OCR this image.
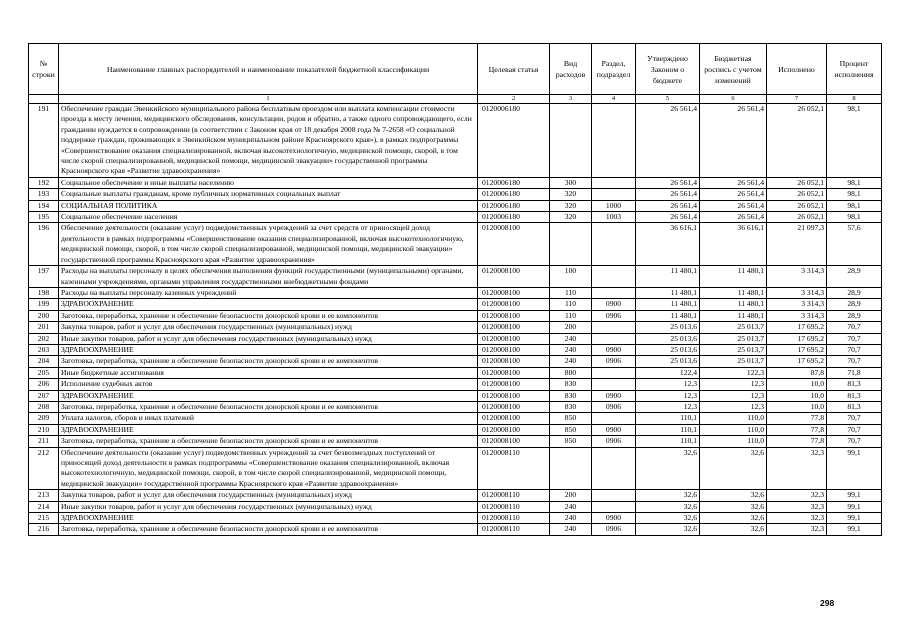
№ строки	Наименование главных распорядителей и наименование показателей бюджетной классификации	Целевая статья	Вид расходов	Раздел, подраздел	Утверждено Законом о бюджете	Бюджетная роспись с учетом изменений	Исполнено	Процент исполнения
	1	2	3	4	5	6	7	8
191	Обеспечение граждан Эвенкийского муниципального района бесплатным проездом или выплата компенсации стоимости проезда к месту лечения, медицинского обследования, консультации, родов и обратно, а также одного сопровождающего, если гражданин нуждается в сопровождении (в соответствии с Законом края от 18 декабря 2008 года № 7-2658 «О социальной поддержке граждан, проживающих в Эвенкийском муниципальном районе Красноярского края»), в рамках подпрограммы «Совершенствование оказания специализированной, включая высокотехнологичную, медицинской помощи, скорой, в том числе скорой специализированной, медицинской помощи, медицинской эвакуации» государственной программы Красноярского края «Развитие здравоохранения»	0120006180			26 561,4	26 561,4	26 052,1	98,1
192	Социальное обеспечение и иные выплаты населению	0120006180	300		26 561,4	26 561,4	26 052,1	98,1
193	Социальные выплаты гражданам, кроме публичных нормативных социальных выплат	0120006180	320		26 561,4	26 561,4	26 052,1	98,1
194	СОЦИАЛЬНАЯ ПОЛИТИКА	0120006180	320	1000	26 561,4	26 561,4	26 052,1	98,1
195	Социальное обеспечение населения	0120006180	320	1003	26 561,4	26 561,4	26 052,1	98,1
196	Обеспечение деятельности (оказание услуг) подведомственных учреждений за счет средств от приносящей доход деятельности в рамках подпрограммы «Совершенствование оказания специализированной, включая высокотехнологичную, медицинской помощи, скорой, в том числе скорой специализированной, медицинской помощи, медицинской эвакуации» государственной программы Красноярского края «Развитие здравоохранения»	0120008100			36 616,1	36 616,1	21 097,3	57,6
197	Расходы на выплаты персоналу в целях обеспечения выполнения функций государственными (муниципальными) органами, казенными учреждениями, органами управления государственными внебюджетными фондами	0120008100	100		11 480,1	11 480,1	3 314,3	28,9
198	Расходы на выплаты персоналу казенных учреждений	0120008100	110		11 480,1	11 480,1	3 314,3	28,9
199	ЗДРАВООХРАНЕНИЕ	0120008100	110	0900	11 480,1	11 480,1	3 314,3	28,9
200	Заготовка, переработка, хранение и обеспечение безопасности донорской крови и ее компонентов	0120008100	110	0906	11 480,1	11 480,1	3 314,3	28,9
201	Закупка товаров, работ и услуг для обеспечения государственных (муниципальных) нужд	0120008100	200		25 013,6	25 013,7	17 695,2	70,7
202	Иные закупки товаров, работ и услуг для обеспечения государственных (муниципальных) нужд	0120008100	240		25 013,6	25 013,7	17 695,2	70,7
203	ЗДРАВООХРАНЕНИЕ	0120008100	240	0900	25 013,6	25 013,7	17 695,2	70,7
204	Заготовка, переработка, хранение и обеспечение безопасности донорской крови и ее компонентов	0120008100	240	0906	25 013,6	25 013,7	17 695,2	70,7
205	Иные бюджетные ассигнования	0120008100	800		122,4	122,3	87,8	71,8
206	Исполнение судебных актов	0120008100	830		12,3	12,3	10,0	81,3
207	ЗДРАВООХРАНЕНИЕ	0120008100	830	0900	12,3	12,3	10,0	81,3
208	Заготовка, переработка, хранение и обеспечение безопасности донорской крови и ее компонентов	0120008100	830	0906	12,3	12,3	10,0	81,3
209	Уплата налогов, сборов и иных платежей	0120008100	850		110,1	110,0	77,8	70,7
210	ЗДРАВООХРАНЕНИЕ	0120008100	850	0900	110,1	110,0	77,8	70,7
211	Заготовка, переработка, хранение и обеспечение безопасности донорской крови и ее компонентов	0120008100	850	0906	110,1	110,0	77,8	70,7
212	Обеспечение деятельности (оказание услуг) подведомственных учреждений за счет безвозмездных поступлений от приносящей доход деятельности в рамках подпрограммы «Совершенствование оказания специализированной, включая высокотехнологичную, медицинской помощи, скорой, в том числе скорой специализированной, медицинской помощи, медицинской эвакуации» государственной программы Красноярского края «Развитие здравоохранения»	0120008110			32,6	32,6	32,3	99,1
213	Закупка товаров, работ и услуг для обеспечения государственных (муниципальных) нужд	0120008110	200		32,6	32,6	32,3	99,1
214	Иные закупки товаров, работ и услуг для обеспечения государственных (муниципальных) нужд	0120008110	240		32,6	32,6	32,3	99,1
215	ЗДРАВООХРАНЕНИЕ	0120008110	240	0900	32,6	32,6	32,3	99,1
216	Заготовка, переработка, хранение и обеспечение безопасности донорской крови и ее компонентов	0120008110	240	0906	32,6	32,6	32,3	99,1
298
